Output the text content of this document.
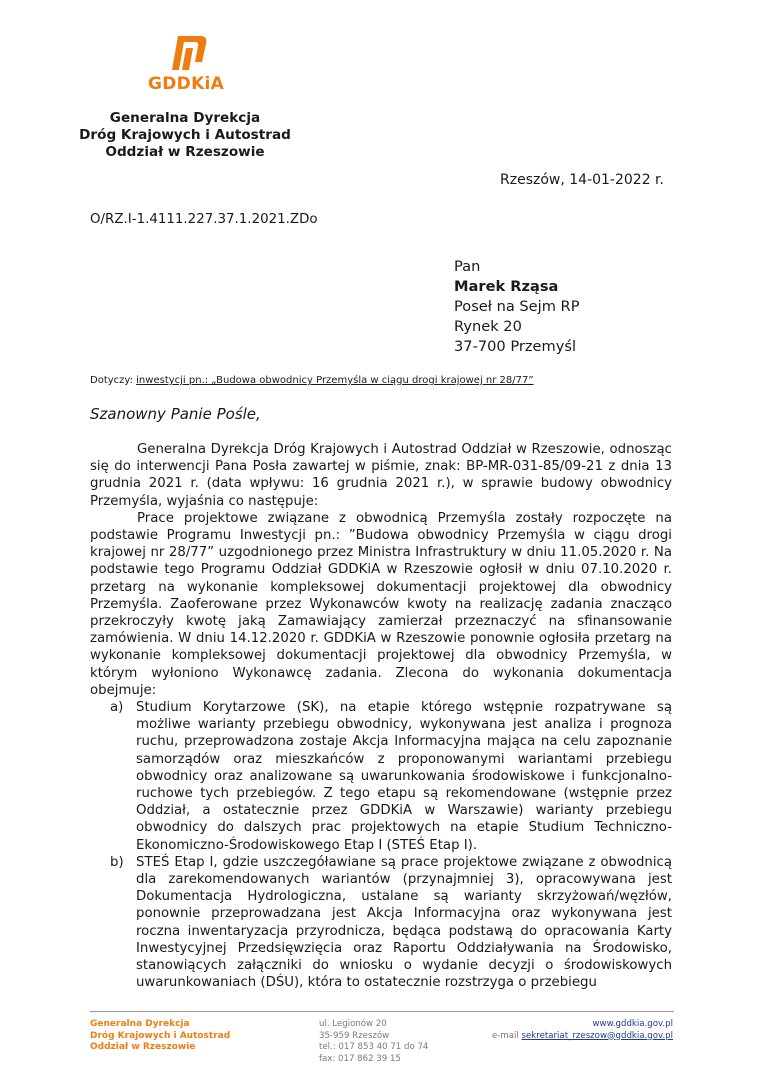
GDDKiA
Generalna Dyrekcja
Dróg Krajowych i Autostrad
Oddział w Rzeszowie
Rzeszów, 14-01-2022 r.
O/RZ.I-1.4111.227.37.1.2021.ZDo
Pan
Marek Rząsa
Poseł na Sejm RP
Rynek 20
37-700 Przemyśl
Dotyczy: inwestycji pn.: „Budowa obwodnicy Przemyśla w ciągu drogi krajowej nr 28/77”
Szanowny Panie Pośle,

Generalna Dyrekcja Dróg Krajowych i Autostrad Oddział w Rzeszowie, odnosząc się do interwencji Pana Posła zawartej w piśmie, znak: BP-MR-031-85/09-21 z dnia 13 grudnia 2021 r. (data wpływu: 16 grudnia 2021 r.), w sprawie budowy obwodnicy Przemyśla, wyjaśnia co następuje:

Prace projektowe związane z obwodnicą Przemyśla zostały rozpoczęte na podstawie Programu Inwestycji pn.: ”Budowa obwodnicy Przemyśla w ciągu drogi krajowej nr 28/77” uzgodnionego przez Ministra Infrastruktury w dniu 11.05.2020 r. Na podstawie tego Programu Oddział GDDKiA w Rzeszowie ogłosił w dniu 07.10.2020 r. przetarg na wykonanie kompleksowej dokumentacji projektowej dla obwodnicy Przemyśla. Zaoferowane przez Wykonawców kwoty na realizację zadania znacząco przekroczyły kwotę jaką Zamawiający zamierzał przeznaczyć na sfinansowanie zamówienia. W dniu 14.12.2020 r. GDDKiA w Rzeszowie ponownie ogłosiła przetarg na wykonanie kompleksowej dokumentacji projektowej dla obwodnicy Przemyśla, w którym wyłoniono Wykonawcę zadania. Zlecona do wykonania dokumentacja obejmuje:

a) Studium Korytarzowe (SK), na etapie którego wstępnie rozpatrywane są możliwe warianty przebiegu obwodnicy, wykonywana jest analiza i prognoza ruchu, przeprowadzona zostaje Akcja Informacyjna mająca na celu zapoznanie samorządów oraz mieszkańców z proponowanymi wariantami przebiegu obwodnicy oraz analizowane są uwarunkowania środowiskowe i funkcjonalno-ruchowe tych przebiegów. Z tego etapu są rekomendowane (wstępnie przez Oddział, a ostatecznie przez GDDKiA w Warszawie) warianty przebiegu obwodnicy do dalszych prac projektowych na etapie Studium Techniczno-Ekonomiczno-Środowiskowego Etap I (STEŚ Etap I).
b) STEŚ Etap I, gdzie uszczegóławiane są prace projektowe związane z obwodnicą dla zarekomendowanych wariantów (przynajmniej 3), opracowywana jest Dokumentacja Hydrologiczna, ustalane są warianty skrzyżowań/węzłów, ponownie przeprowadzana jest Akcja Informacyjna oraz wykonywana jest roczna inwentaryzacja przyrodnicza, będąca podstawą do opracowania Karty Inwestycyjnej Przedsięwzięcia oraz Raportu Oddziaływania na Środowisko, stanowiących załączniki do wniosku o wydanie decyzji o środowiskowych uwarunkowaniach (DŚU), która to ostatecznie rozstrzyga o przebiegu
Generalna Dyrekcja
Dróg Krajowych i Autostrad
Oddział w Rzeszowie
ul. Legionów 20
35-959 Rzeszów
tel.: 017 853 40 71 do 74
fax: 017 862 39 15
www.gddkia.gov.pl
e-mail sekretariat_rzeszow@gddkia.gov.pl
